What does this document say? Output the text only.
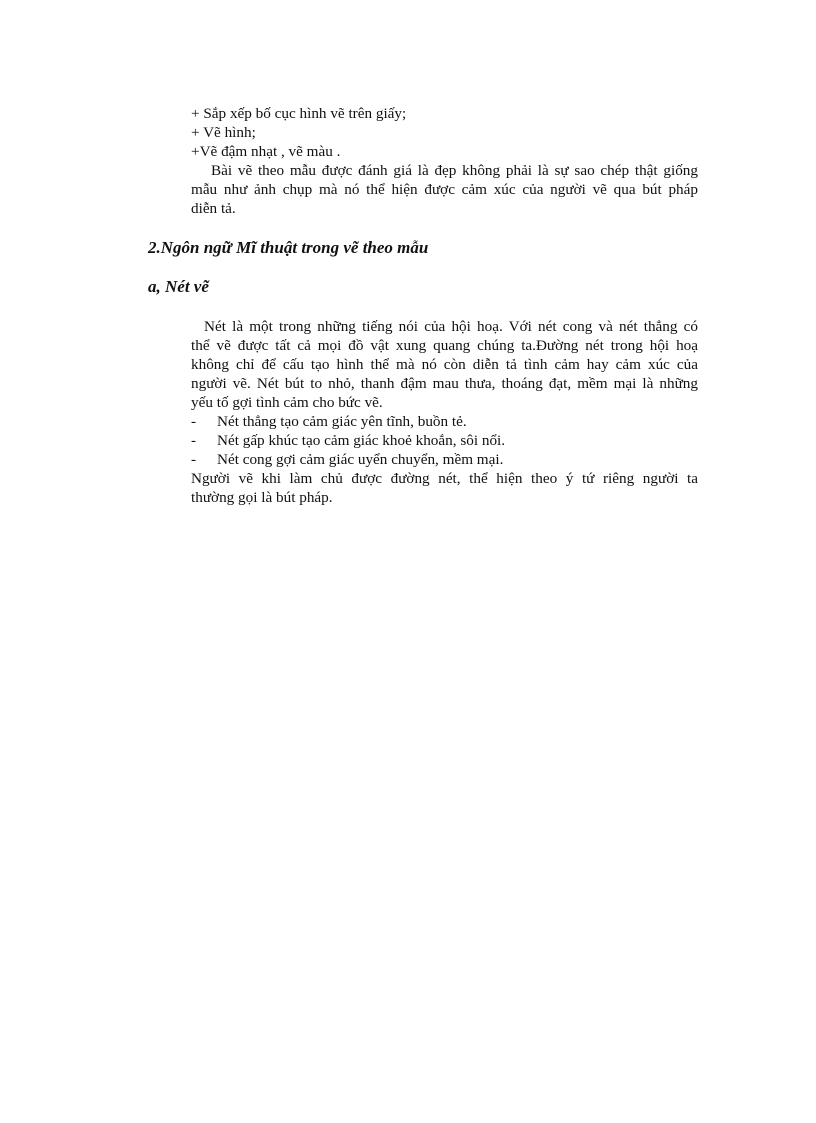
+ Sắp xếp bố cục hình vẽ trên giấy;
+ Vẽ hình;
+Vẽ đậm nhạt , vẽ màu .
Bài vẽ theo mẫu được đánh giá là đẹp không phải là sự sao chép thật giống
mẫu như ảnh chụp mà nó thể hiện được cảm xúc của người vẽ qua bút pháp
diễn tả.
2.Ngôn ngữ Mĩ thuật trong vẽ theo mẫu
a, Nét vẽ
Nét là một trong những tiếng nói của hội hoạ. Với nét cong và nét thẳng có
thể vẽ được tất cả mọi đồ vật xung quang chúng ta.Đường nét trong hội hoạ
không chỉ để cấu tạo hình thể mà nó còn diễn tả tình cảm hay cảm xúc của
người vẽ. Nét bút to nhỏ, thanh đậm mau thưa, thoáng đạt, mềm mại là những
yếu tố gợi tình cảm cho bức vẽ.
-	Nét thẳng tạo cảm giác yên tĩnh, buồn tẻ.
-	Nét gấp khúc tạo cảm giác khoẻ khoắn, sôi nổi.
-	Nét cong gợi cảm giác uyển chuyển, mềm mại.
Người vẽ khi làm chủ được đường nét, thể hiện theo ý tứ riêng người ta
thường gọi là bút pháp.
